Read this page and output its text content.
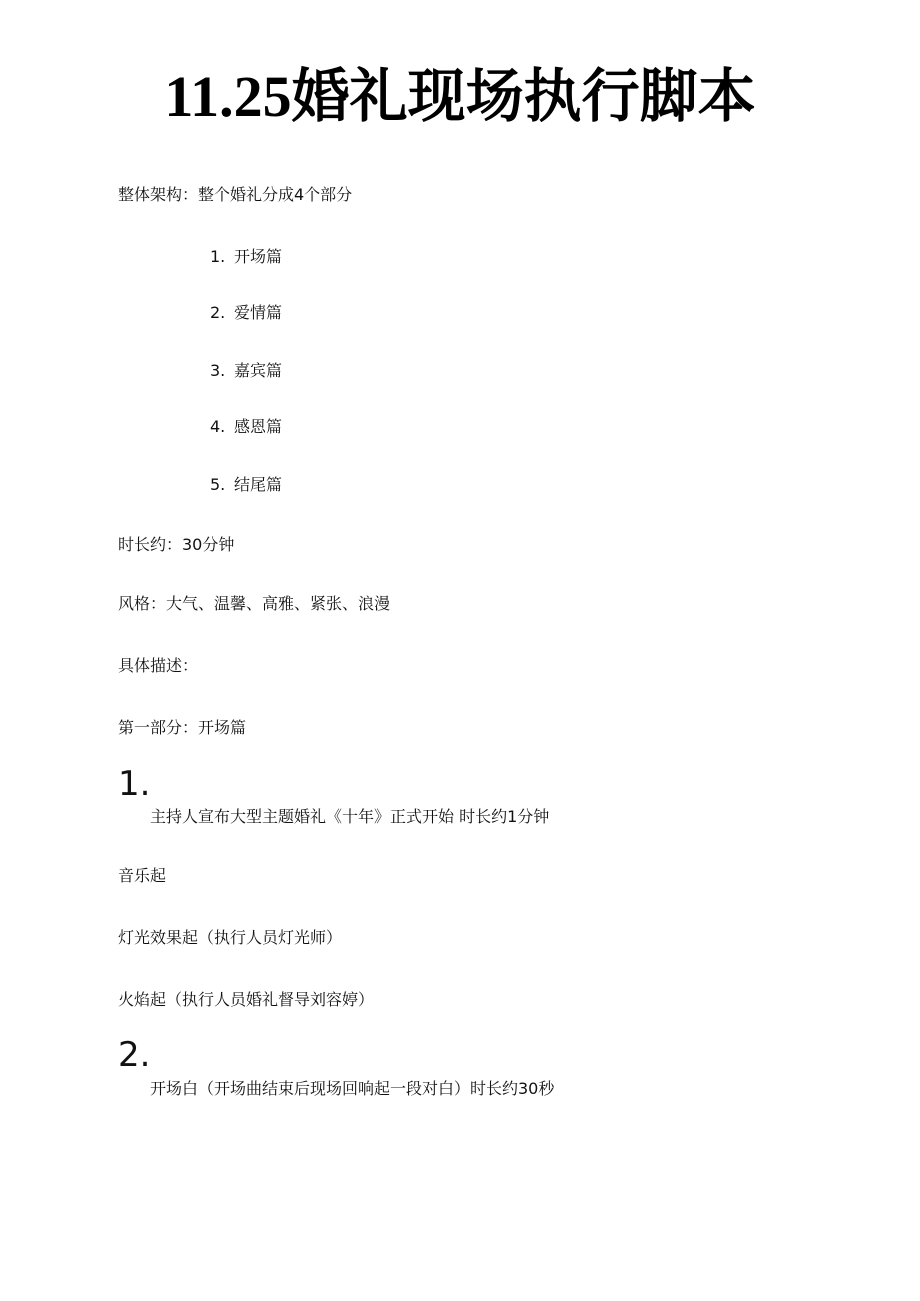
11.25婚礼现场执行脚本

整体架构：整个婚礼分成4个部分

1. 开场篇
2. 爱情篇
3. 嘉宾篇
4. 感恩篇
5. 结尾篇

时长约：30分钟

风格：大气、温馨、高雅、紧张、浪漫

具体描述：

第一部分：开场篇

1.
主持人宣布大型主题婚礼《十年》正式开始 时长约1分钟

音乐起

灯光效果起（执行人员灯光师）

火焰起（执行人员婚礼督导刘容婷）

2.
开场白（开场曲结束后现场回响起一段对白）时长约30秒
